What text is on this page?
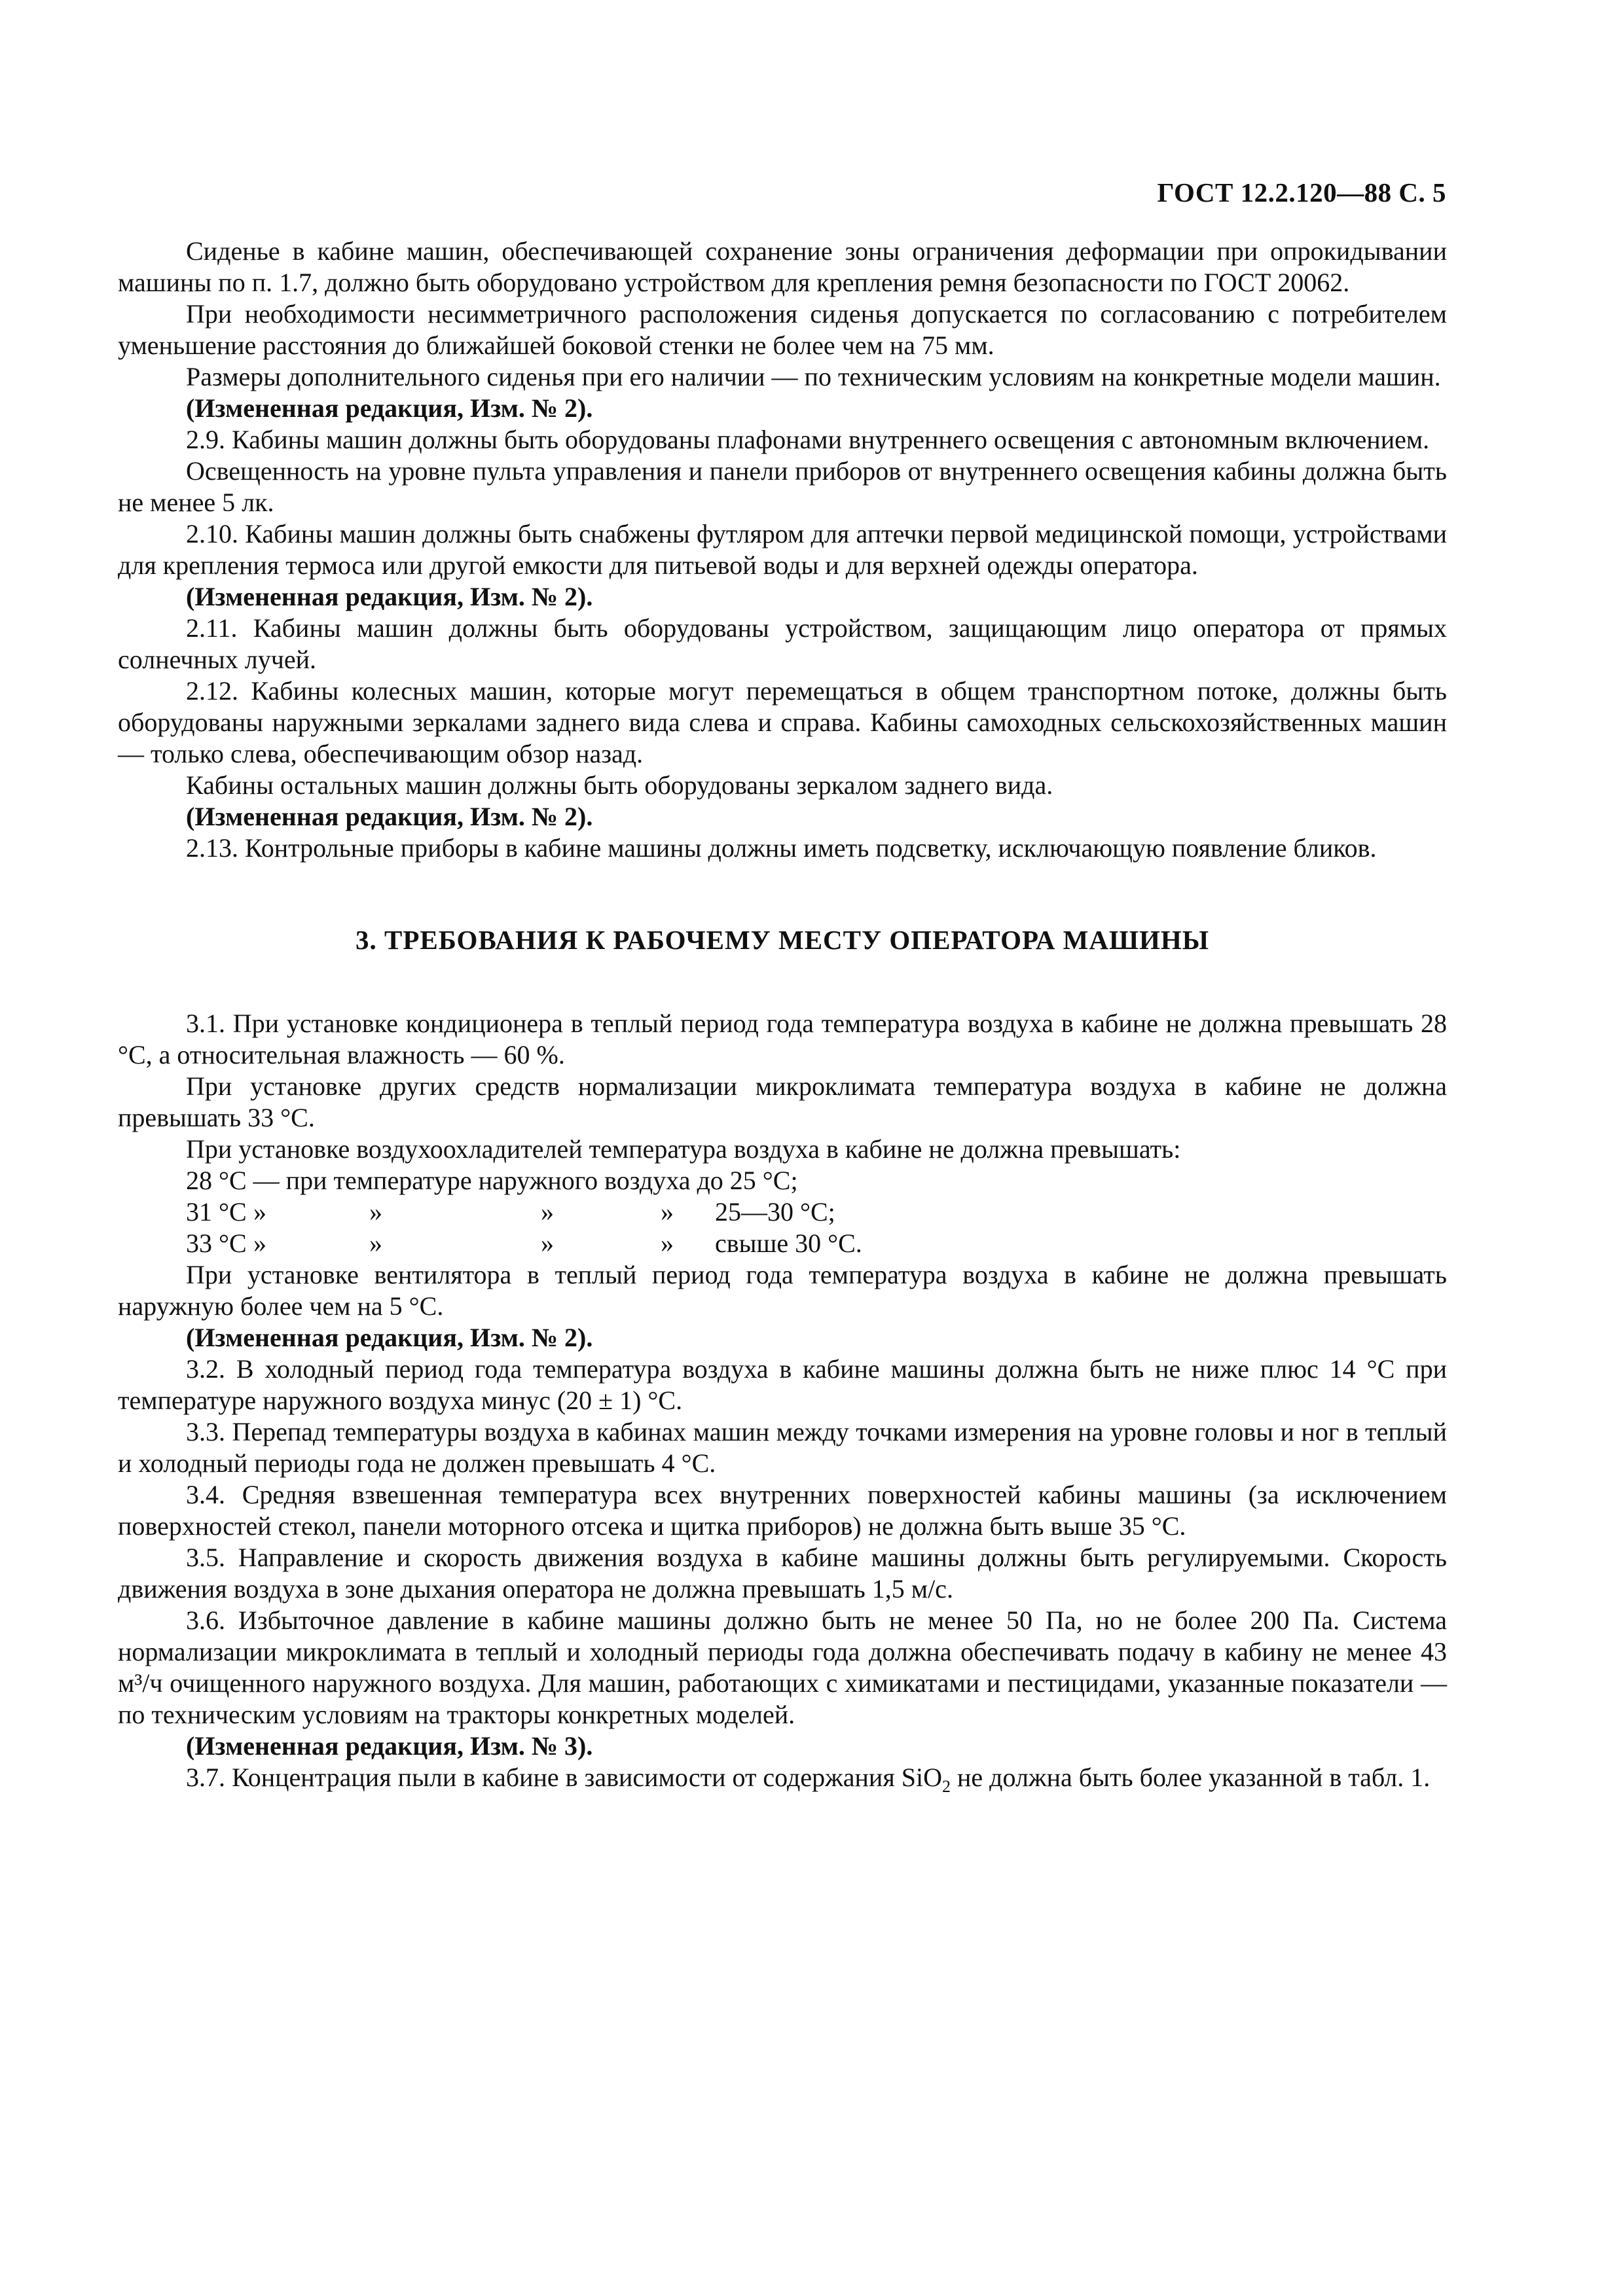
ГОСТ 12.2.120—88 С. 5

Сиденье в кабине машин, обеспечивающей сохранение зоны ограничения деформации при опрокидывании машины по п. 1.7, должно быть оборудовано устройством для крепления ремня безопасности по ГОСТ 20062.

При необходимости несимметричного расположения сиденья допускается по согласованию с потребителем уменьшение расстояния до ближайшей боковой стенки не более чем на 75 мм.

Размеры дополнительного сиденья при его наличии — по техническим условиям на конкретные модели машин.

(Измененная редакция, Изм. № 2).

2.9. Кабины машин должны быть оборудованы плафонами внутреннего освещения с автономным включением.

Освещенность на уровне пульта управления и панели приборов от внутреннего освещения кабины должна быть не менее 5 лк.

2.10. Кабины машин должны быть снабжены футляром для аптечки первой медицинской помощи, устройствами для крепления термоса или другой емкости для питьевой воды и для верхней одежды оператора.

(Измененная редакция, Изм. № 2).

2.11. Кабины машин должны быть оборудованы устройством, защищающим лицо оператора от прямых солнечных лучей.

2.12. Кабины колесных машин, которые могут перемещаться в общем транспортном потоке, должны быть оборудованы наружными зеркалами заднего вида слева и справа. Кабины самоходных сельскохозяйственных машин — только слева, обеспечивающим обзор назад.

Кабины остальных машин должны быть оборудованы зеркалом заднего вида.

(Измененная редакция, Изм. № 2).

2.13. Контрольные приборы в кабине машины должны иметь подсветку, исключающую появление бликов.

3. ТРЕБОВАНИЯ К РАБОЧЕМУ МЕСТУ ОПЕРАТОРА МАШИНЫ

3.1. При установке кондиционера в теплый период года температура воздуха в кабине не должна превышать 28 °С, а относительная влажность — 60 %.

При установке других средств нормализации микроклимата температура воздуха в кабине не должна превышать 33 °С.

При установке воздухоохладителей температура воздуха в кабине не должна превышать:

28 °С — при температуре наружного воздуха до 25 °С;
31 °С »	»	»	»	25—30 °С;
33 °С »	»	»	»	свыше 30 °С.

При установке вентилятора в теплый период года температура воздуха в кабине не должна превышать наружную более чем на 5 °С.

(Измененная редакция, Изм. № 2).

3.2. В холодный период года температура воздуха в кабине машины должна быть не ниже плюс 14 °С при температуре наружного воздуха минус (20 ± 1) °С.

3.3. Перепад температуры воздуха в кабинах машин между точками измерения на уровне головы и ног в теплый и холодный периоды года не должен превышать 4 °С.

3.4. Средняя взвешенная температура всех внутренних поверхностей кабины машины (за исключением поверхностей стекол, панели моторного отсека и щитка приборов) не должна быть выше 35 °С.

3.5. Направление и скорость движения воздуха в кабине машины должны быть регулируемыми. Скорость движения воздуха в зоне дыхания оператора не должна превышать 1,5 м/с.

3.6. Избыточное давление в кабине машины должно быть не менее 50 Па, но не более 200 Па. Система нормализации микроклимата в теплый и холодный периоды года должна обеспечивать подачу в кабину не менее 43 м³/ч очищенного наружного воздуха. Для машин, работающих с химикатами и пестицидами, указанные показатели — по техническим условиям на тракторы конкретных моделей.

(Измененная редакция, Изм. № 3).

3.7. Концентрация пыли в кабине в зависимости от содержания SiO$_2$ не должна быть более указанной в табл. 1.
